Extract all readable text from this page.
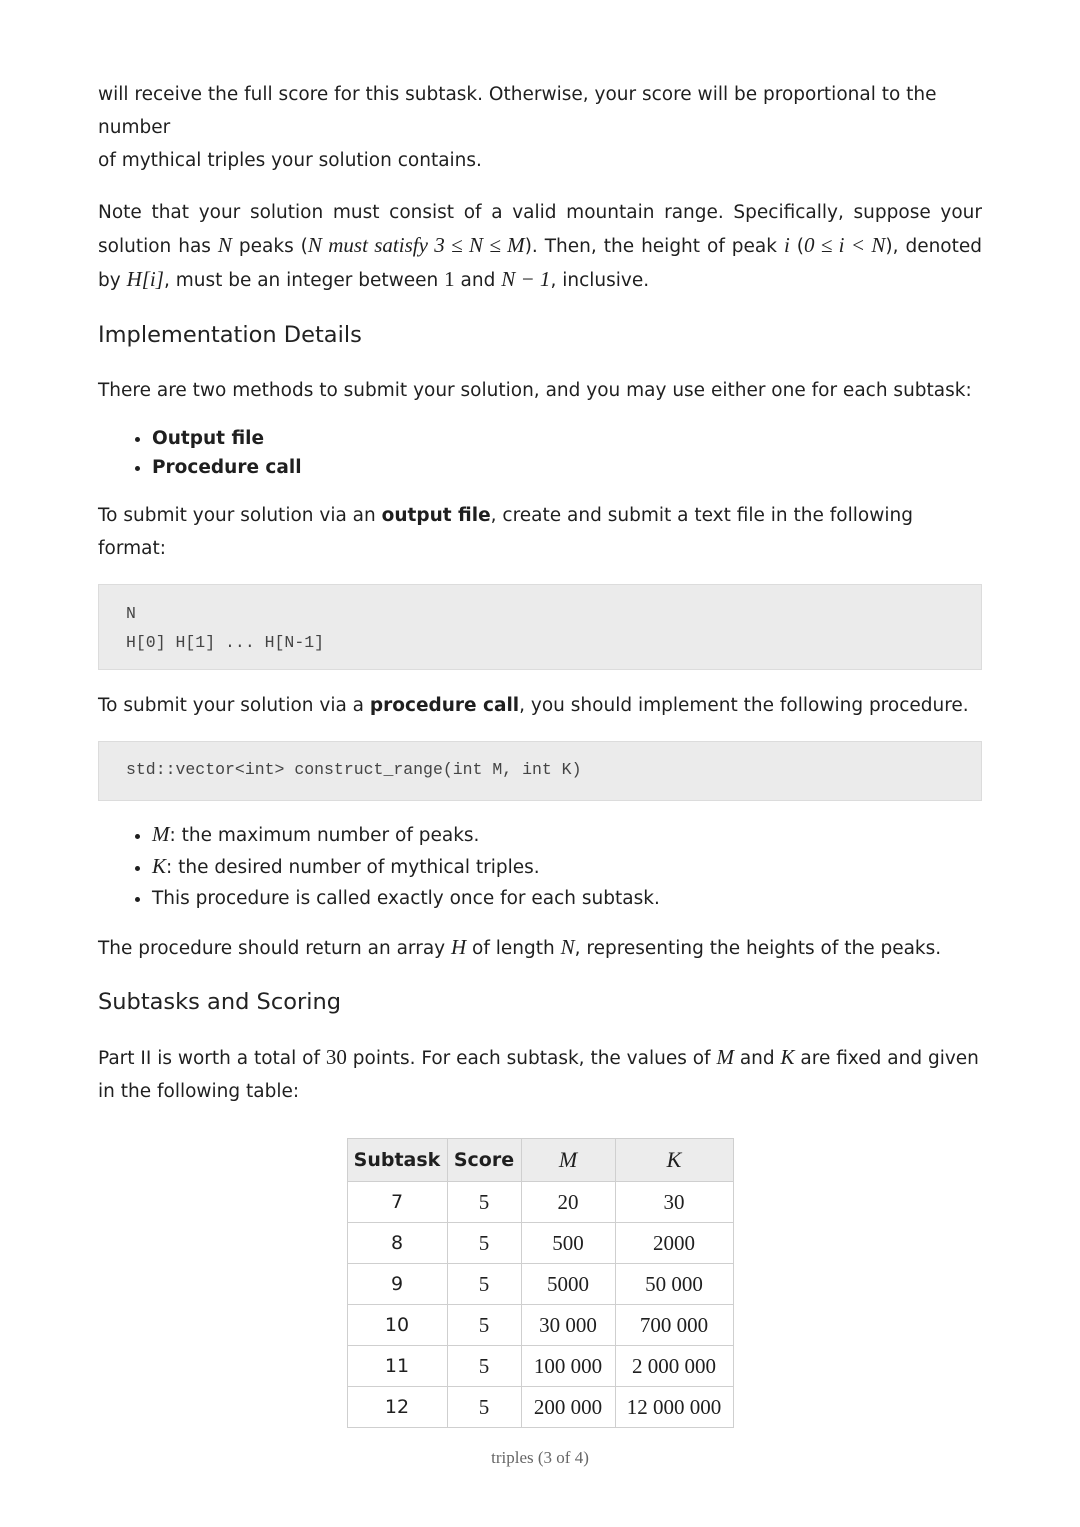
will receive the full score for this subtask. Otherwise, your score will be proportional to the number
of mythical triples your solution contains.

Note that your solution must consist of a valid mountain range. Specifically, suppose your solution has N peaks (N must satisfy 3 ≤ N ≤ M). Then, the height of peak i (0 ≤ i < N), denoted by H[i], must be an integer between 1 and N − 1, inclusive.

Implementation Details

There are two methods to submit your solution, and you may use either one for each subtask:

• Output file
• Procedure call

To submit your solution via an output file, create and submit a text file in the following format:

N
H[0] H[1] ... H[N-1]

To submit your solution via a procedure call, you should implement the following procedure.

std::vector<int> construct_range(int M, int K)
• M: the maximum number of peaks.
• K: the desired number of mythical triples.
• This procedure is called exactly once for each subtask.

The procedure should return an array H of length N, representing the heights of the peaks.

Subtasks and Scoring

Part II is worth a total of 30 points. For each subtask, the values of M and K are fixed and given in the following table:

Subtask	Score	M	K
7	5	20	30
8	5	500	2000
9	5	5000	50 000
10	5	30 000	700 000
11	5	100 000	2 000 000
12	5	200 000	12 000 000
triples (3 of 4)
